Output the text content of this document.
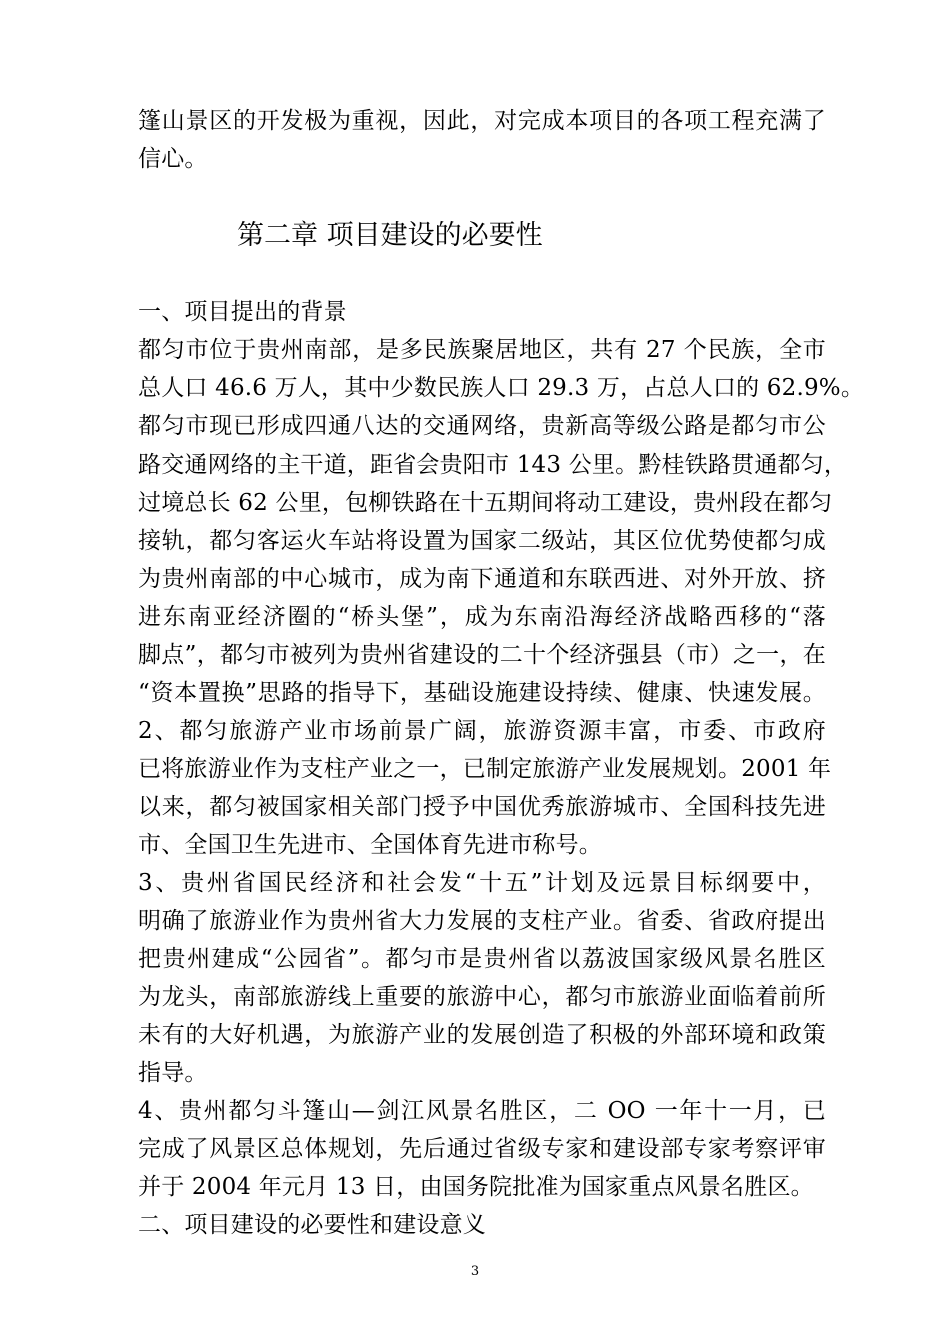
篷山景区的开发极为重视，因此，对完成本项目的各项工程充满了
信心。
第二章 项目建设的必要性
一、项目提出的背景
都匀市位于贵州南部，是多民族聚居地区，共有 27 个民族，全市
总人口 46.6 万人，其中少数民族人口 29.3 万，占总人口的 62.9%。
都匀市现已形成四通八达的交通网络，贵新高等级公路是都匀市公
路交通网络的主干道，距省会贵阳市 143 公里。黔桂铁路贯通都匀，
过境总长 62 公里，包柳铁路在十五期间将动工建设，贵州段在都匀
接轨，都匀客运火车站将设置为国家二级站，其区位优势使都匀成
为贵州南部的中心城市，成为南下通道和东联西进、对外开放、挤
进东南亚经济圈的“桥头堡”，成为东南沿海经济战略西移的“落
脚点”，都匀市被列为贵州省建设的二十个经济强县（市）之一，在
“资本置换”思路的指导下，基础设施建设持续、健康、快速发展。
2、都匀旅游产业市场前景广阔，旅游资源丰富，市委、市政府
已将旅游业作为支柱产业之一，已制定旅游产业发展规划。2001 年
以来，都匀被国家相关部门授予中国优秀旅游城市、全国科技先进
市、全国卫生先进市、全国体育先进市称号。
3、贵州省国民经济和社会发“十五”计划及远景目标纲要中，
明确了旅游业作为贵州省大力发展的支柱产业。省委、省政府提出
把贵州建成“公园省”。都匀市是贵州省以荔波国家级风景名胜区
为龙头，南部旅游线上重要的旅游中心，都匀市旅游业面临着前所
未有的大好机遇，为旅游产业的发展创造了积极的外部环境和政策
指导。
4、贵州都匀斗篷山—剑江风景名胜区，二 OO 一年十一月，已
完成了风景区总体规划，先后通过省级专家和建设部专家考察评审
并于 2004 年元月 13 日，由国务院批准为国家重点风景名胜区。
二、项目建设的必要性和建设意义
3
